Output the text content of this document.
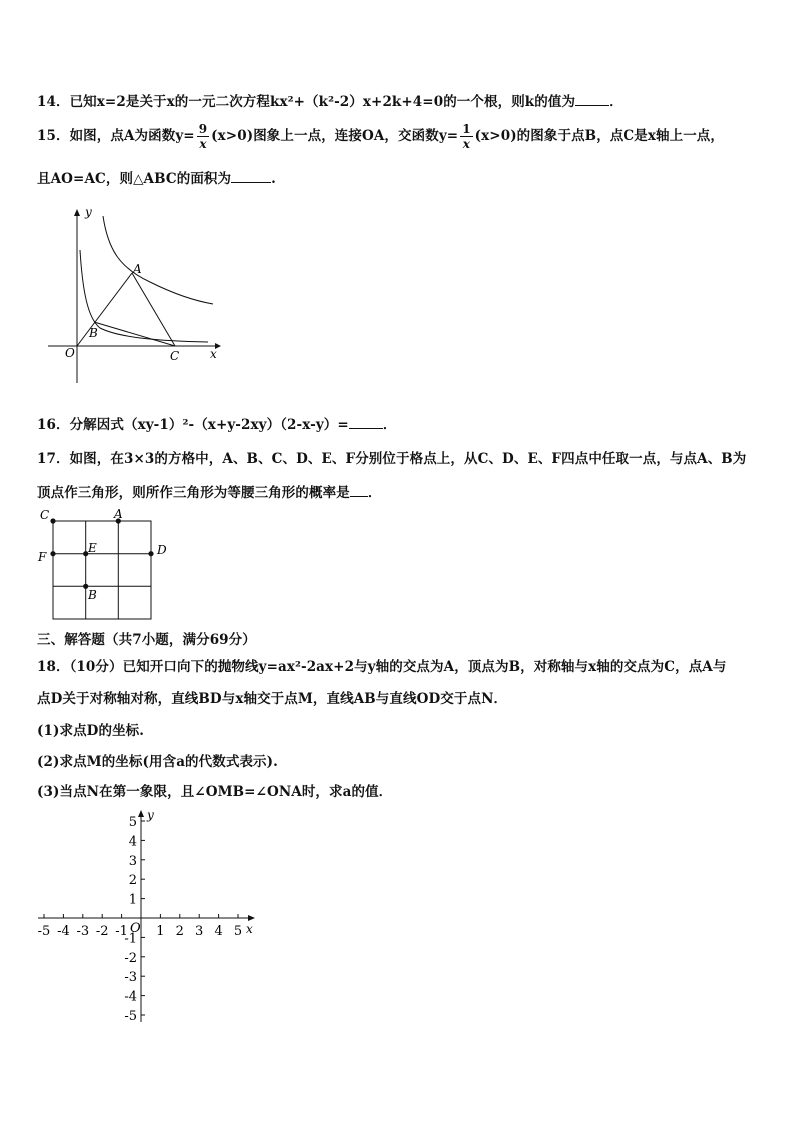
14．已知x=2是关于x的一元二次方程kx²+（k²-2）x+2k+4=0的一个根，则k的值为	．
15．如图，点A为函数$y= \frac{9}{x} (x>0)$图象上一点，连接OA，交函数$y= \frac{1}{x} (x>0)$的图象于点B，点C是x轴上一点，
且AO=AC，则△ABC的面积为	.
y
x
O
A
B
C
16．分解因式（xy-1）²-（x+y-2xy）（2-x-y）=	．
17．如图，在3×3的方格中，A、B、C、D、E、F分别位于格点上，从C、D、E、F四点中任取一点，与点A、B为
顶点作三角形，则所作三角形为等腰三角形的概率是 ．
C	A
F
E	D
B
三、解答题（共7小题，满分69分）
18．（10分）已知开口向下的抛物线y=ax²-2ax+2与y轴的交点为A，顶点为B，对称轴与x轴的交点为C，点A与
点D关于对称轴对称，直线BD与x轴交于点M，直线AB与直线OD交于点N．
(1)求点D的坐标.
(2)求点M的坐标(用含a的代数式表示).
(3)当点N在第一象限，且∠OMB=∠ONA时，求a的值．
-5 -4 -3 -2 -1 1 2 3 4 5
5
4
3
2
1
-1
-2
-3
-4
-5
x
y
O
